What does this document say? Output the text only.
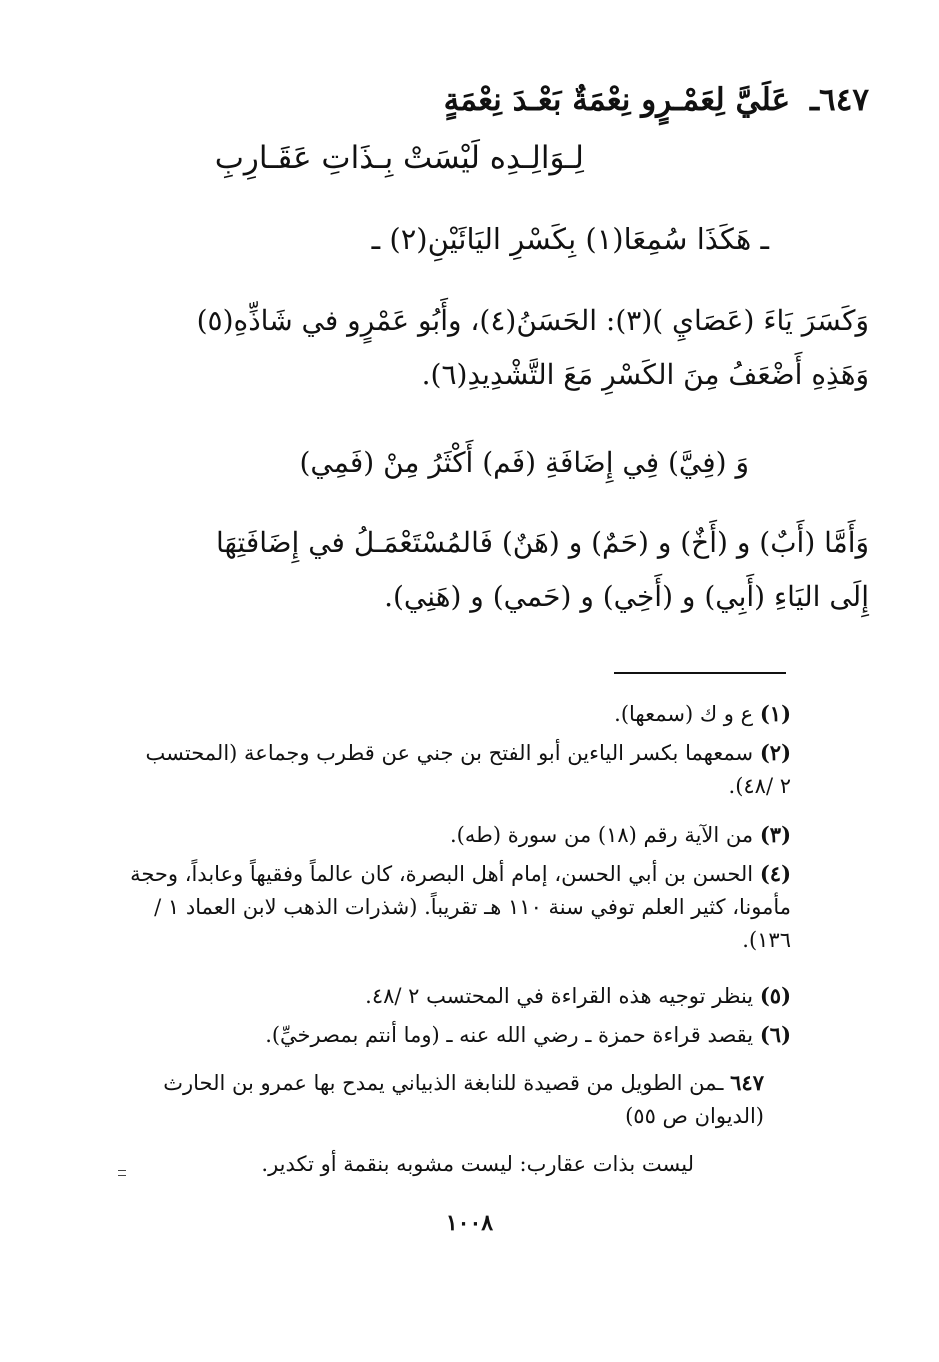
٦٤٧ـ عَلَيَّ لِعَمْـرٍو نِعْمَةٌ بَعْـدَ نِعْمَةٍ
لِـوَالِـدِه لَيْسَتْ بِـذَاتِ عَقَـارِبِ
ـ هَكَذَا سُمِعَا(١) بِكَسْرِ اليَائَيْنِ(٢) ـ
وَكَسَرَ يَاءَ (عَصَايِ )(٣): الحَسَنُ(٤)، وأَبُو عَمْرٍو في شَاذِّهِ(٥) وَهَذِهِ أَضْعَفُ مِنَ الكَسْرِ مَعَ التَّشْدِيدِ(٦).
وَ (فِيَّ) فِي إِضَافَةِ (فَم) أَكْثَرُ مِنْ (فَمِي)
وَأَمَّا (أَبٌ) و (أَخٌ) و (حَمٌ) و (هَنٌ) فَالمُسْتَعْمَـلُ في إِضَافَتِهَا إِلَى اليَاءِ (أَبِي) و (أَخِي) و (حَمي) و (هَنِي).
(١) ع و ك (سمعها).
(٢) سمعهما بكسر الياءين أبو الفتح بن جني عن قطرب وجماعة (المحتسب ٢ /٤٨).
(٣) من الآية رقم (١٨) من سورة (طه).
(٤) الحسن بن أبي الحسن، إمام أهل البصرة، كان عالماً وفقيهاً وعابداً، وحجة مأمونا، كثير العلم توفي سنة ١١٠ هـ تقريباً. (شذرات الذهب لابن العماد ١ /١٣٦).
(٥) ينظر توجيه هذه القراءة في المحتسب ٢ /٤٨.
(٦) يقصد قراءة حمزة ـ رضي الله عنه ـ (وما أنتم بمصرخيِّ).
٦٤٧ ـمن الطويل من قصيدة للنابغة الذبياني يمدح بها عمرو بن الحارث (الديوان ص ٥٥)
ليست بذات عقارب: ليست مشوبه بنقمة أو تكدير.
١٠٠٨
